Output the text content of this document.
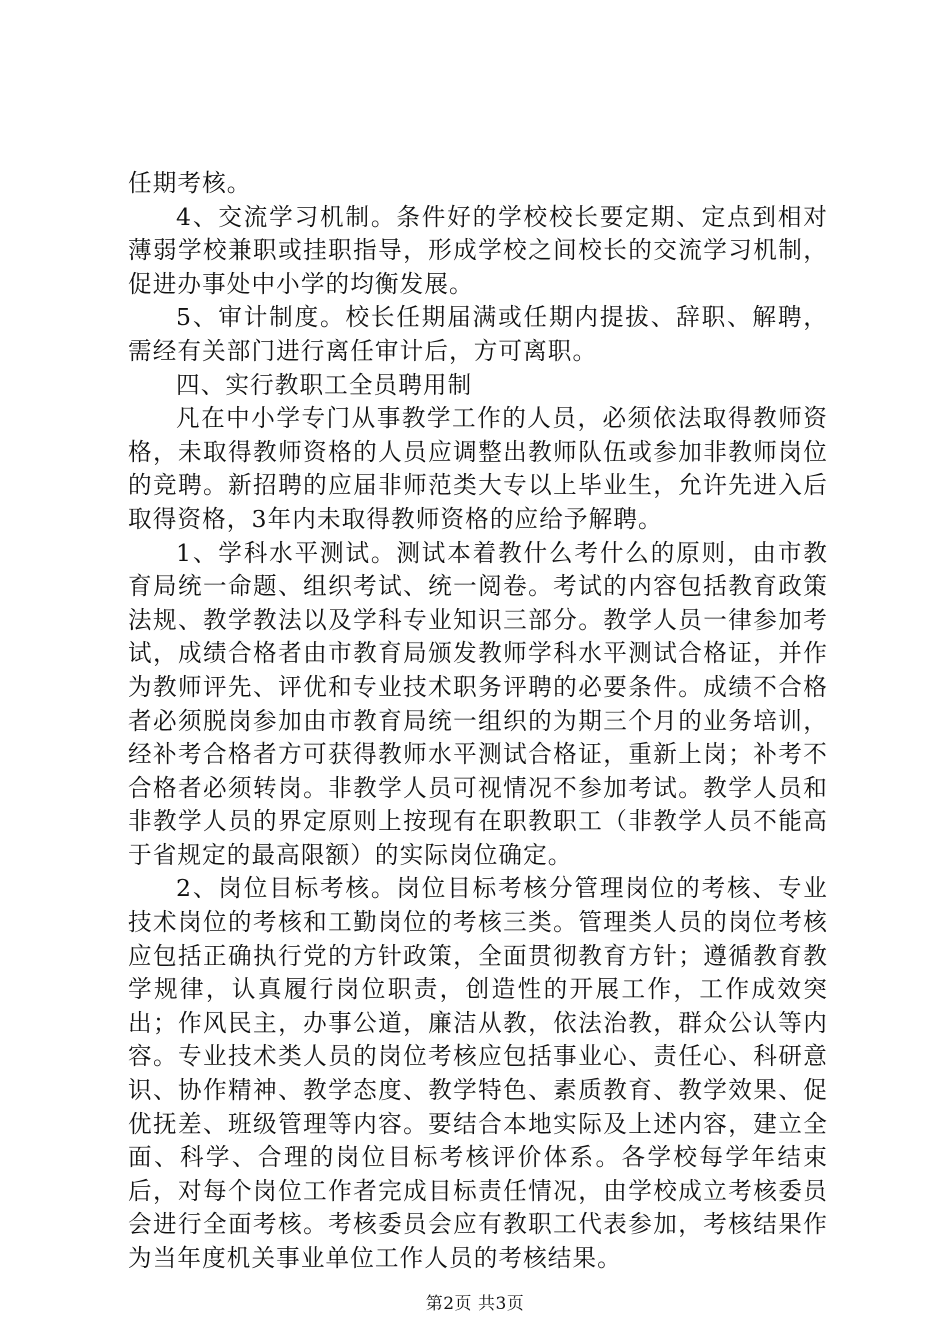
任期考核。

4、交流学习机制。条件好的学校校长要定期、定点到相对薄弱学校兼职或挂职指导，形成学校之间校长的交流学习机制，促进办事处中小学的均衡发展。

5、审计制度。校长任期届满或任期内提拔、辞职、解聘，需经有关部门进行离任审计后，方可离职。

四、实行教职工全员聘用制

凡在中小学专门从事教学工作的人员，必须依法取得教师资格，未取得教师资格的人员应调整出教师队伍或参加非教师岗位的竞聘。新招聘的应届非师范类大专以上毕业生，允许先进入后取得资格，3年内未取得教师资格的应给予解聘。

1、学科水平测试。测试本着教什么考什么的原则，由市教育局统一命题、组织考试、统一阅卷。考试的内容包括教育政策法规、教学教法以及学科专业知识三部分。教学人员一律参加考试，成绩合格者由市教育局颁发教师学科水平测试合格证，并作为教师评先、评优和专业技术职务评聘的必要条件。成绩不合格者必须脱岗参加由市教育局统一组织的为期三个月的业务培训，经补考合格者方可获得教师水平测试合格证，重新上岗；补考不合格者必须转岗。非教学人员可视情况不参加考试。教学人员和非教学人员的界定原则上按现有在职教职工（非教学人员不能高于省规定的最高限额）的实际岗位确定。

2、岗位目标考核。岗位目标考核分管理岗位的考核、专业技术岗位的考核和工勤岗位的考核三类。管理类人员的岗位考核应包括正确执行党的方针政策，全面贯彻教育方针；遵循教育教学规律，认真履行岗位职责，创造性的开展工作，工作成效突出；作风民主，办事公道，廉洁从教，依法治教，群众公认等内容。专业技术类人员的岗位考核应包括事业心、责任心、科研意识、协作精神、教学态度、教学特色、素质教育、教学效果、促优抚差、班级管理等内容。要结合本地实际及上述内容，建立全面、科学、合理的岗位目标考核评价体系。各学校每学年结束后，对每个岗位工作者完成目标责任情况，由学校成立考核委员会进行全面考核。考核委员会应有教职工代表参加，考核结果作为当年度机关事业单位工作人员的考核结果。

第2页 共3页
